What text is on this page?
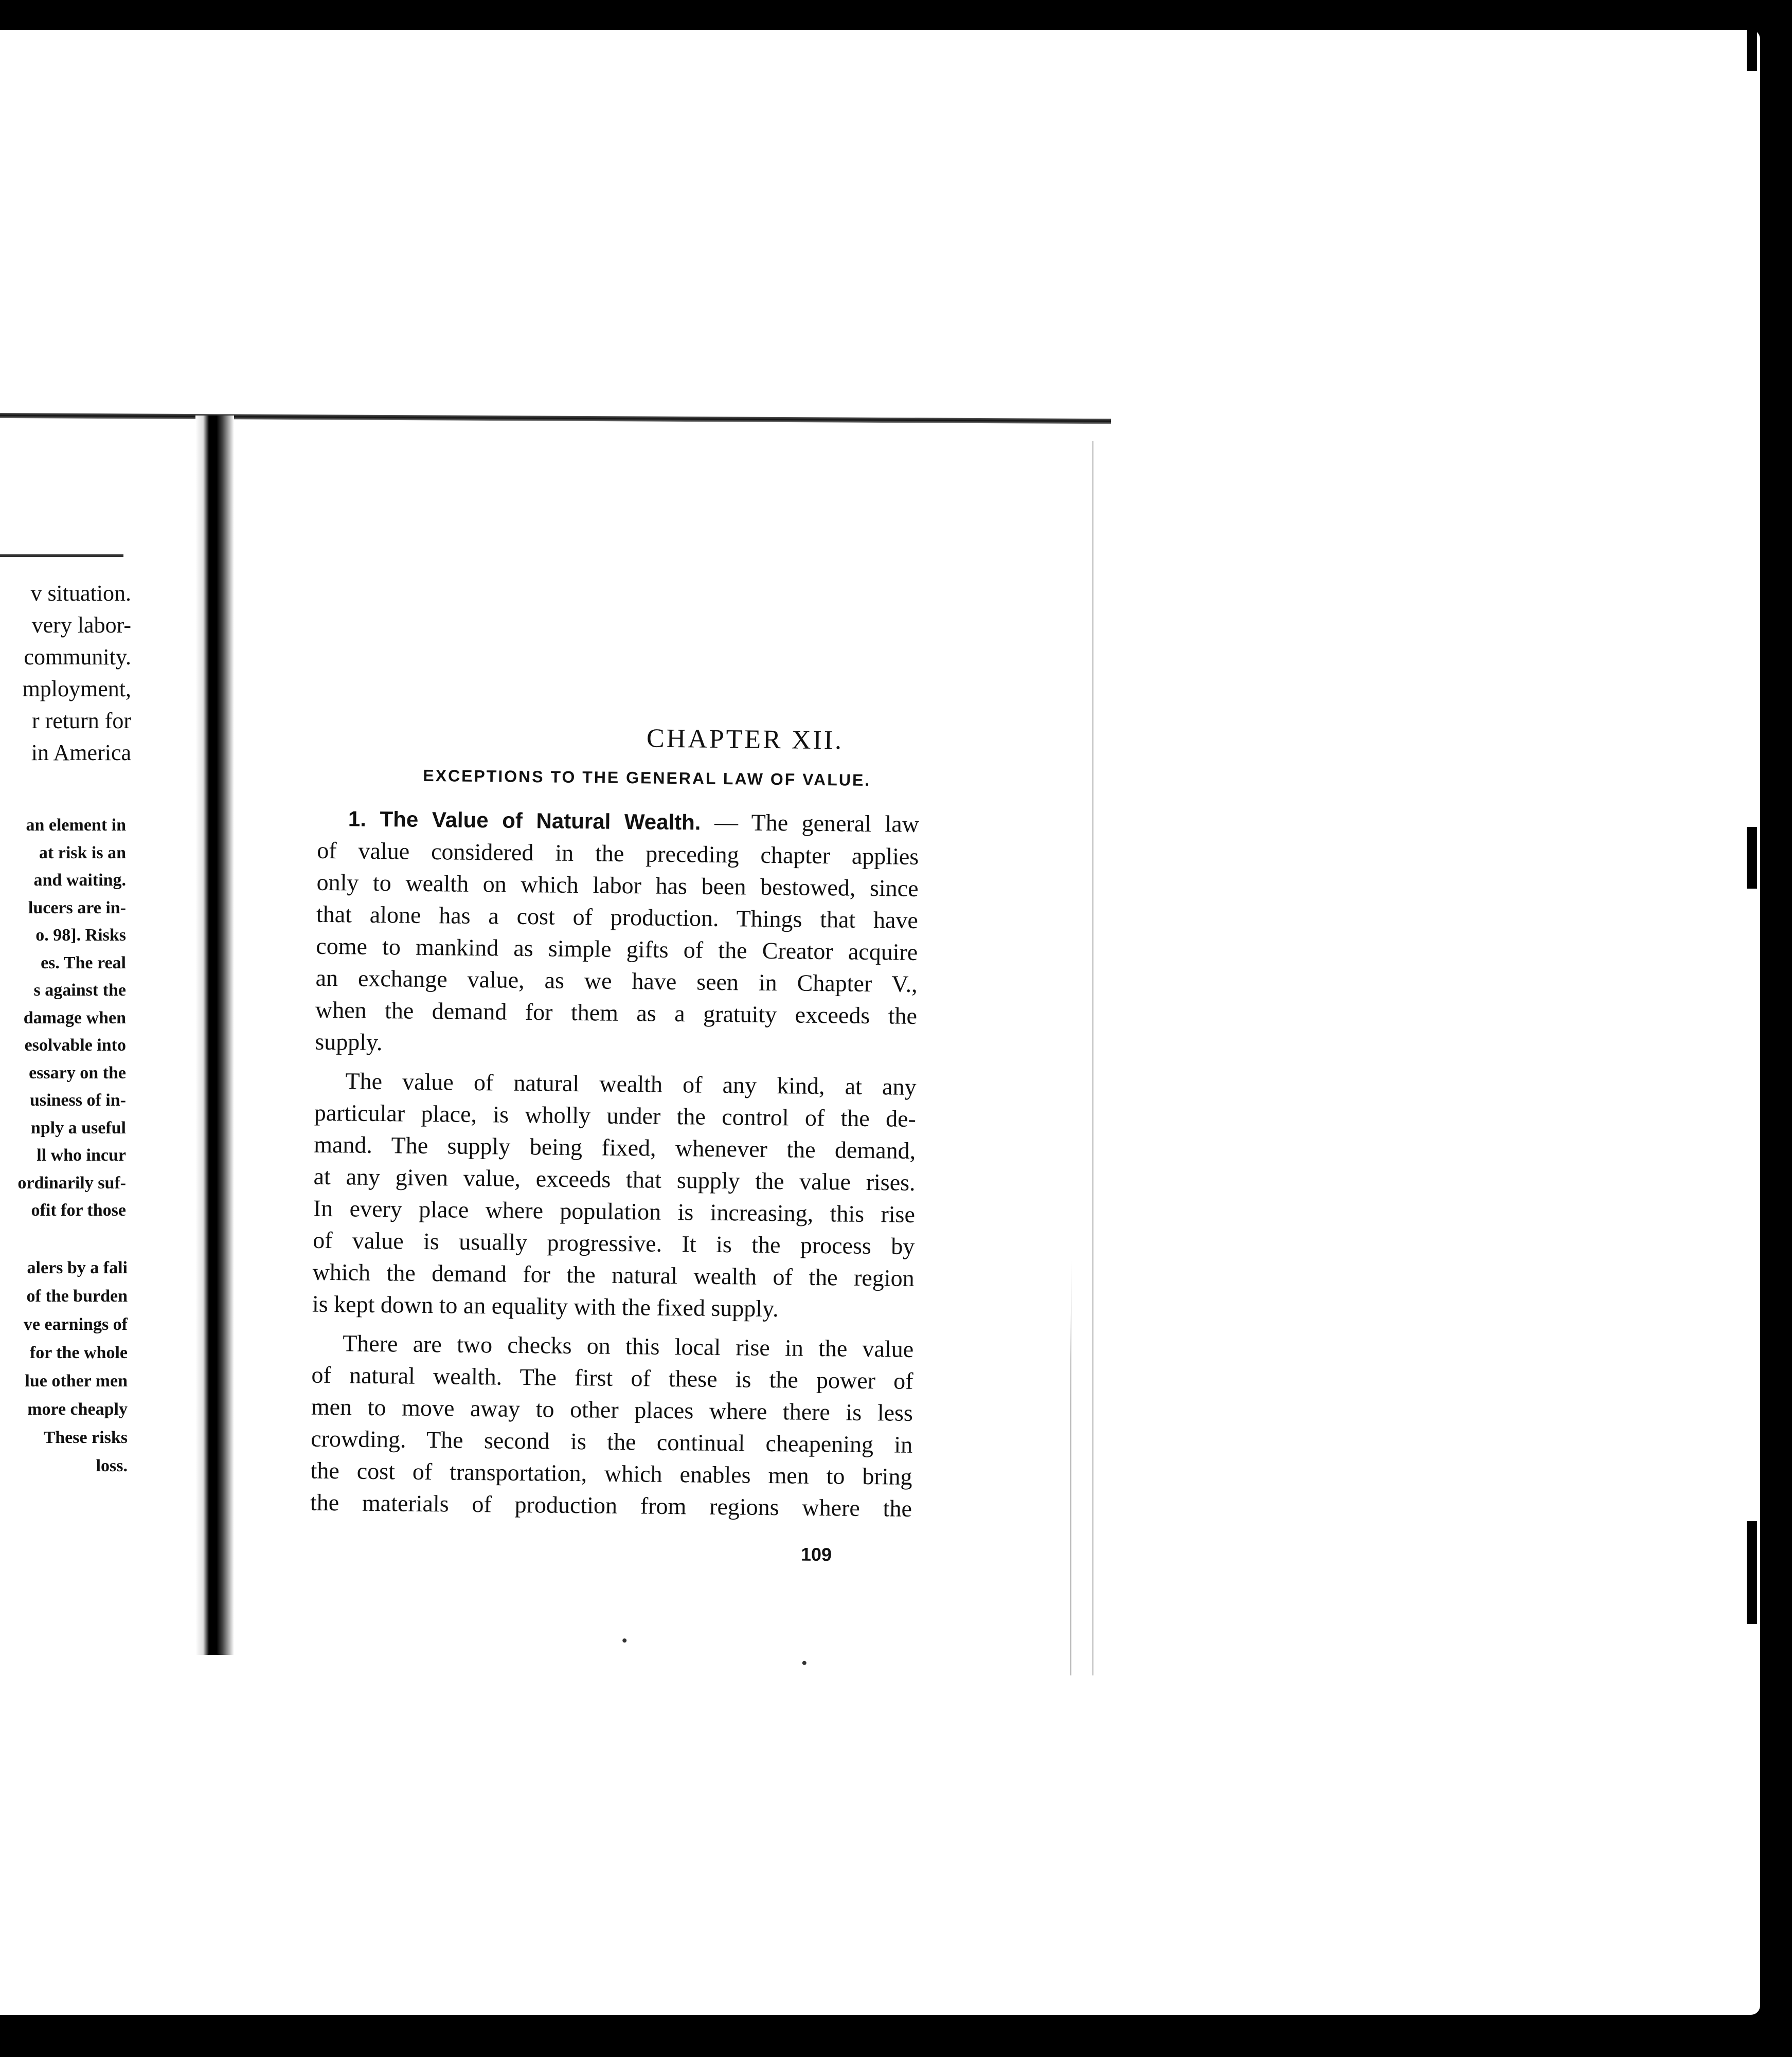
v situation.
very labor-
community.
mployment,
r return for
in America
an element in
at risk is an
and waiting.
lucers are in-
o. 98]. Risks
es. The real
s against the
damage when
esolvable into
essary on the
usiness of in-
nply a useful
ll who incur
ordinarily suf-
ofit for those
alers by a fali
of the burden
ve earnings of
for the whole
lue other men
more cheaply
These risks
loss.
CHAPTER XII.
EXCEPTIONS TO THE GENERAL LAW OF VALUE.
1. The Value of Natural Wealth. — The general law
of value considered in the preceding chapter applies
only to wealth on which labor has been bestowed, since
that alone has a cost of production. Things that have
come to mankind as simple gifts of the Creator acquire
an exchange value, as we have seen in Chapter V.,
when the demand for them as a gratuity exceeds the
supply.
The value of natural wealth of any kind, at any
particular place, is wholly under the control of the de-
mand. The supply being fixed, whenever the demand,
at any given value, exceeds that supply the value rises.
In every place where population is increasing, this rise
of value is usually progressive. It is the process by
which the demand for the natural wealth of the region
is kept down to an equality with the fixed supply.
There are two checks on this local rise in the value
of natural wealth. The first of these is the power of
men to move away to other places where there is less
crowding. The second is the continual cheapening in
the cost of transportation, which enables men to bring
the materials of production from regions where the
109
